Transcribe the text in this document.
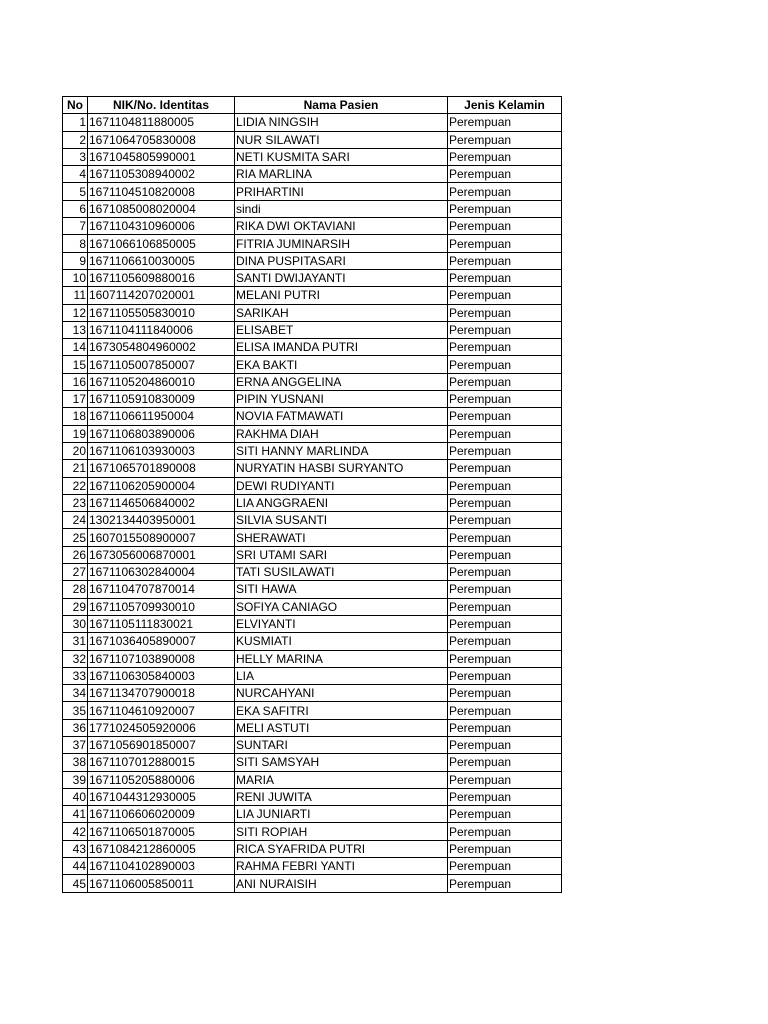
No	NIK/No. Identitas	Nama Pasien	Jenis Kelamin
1	1671104811880005	LIDIA NINGSIH	Perempuan
2	1671064705830008	NUR SILAWATI	Perempuan
3	1671045805990001	NETI KUSMITA SARI	Perempuan
4	1671105308940002	RIA MARLINA	Perempuan
5	1671104510820008	PRIHARTINI	Perempuan
6	1671085008020004	sindi	Perempuan
7	1671104310960006	RIKA DWI OKTAVIANI	Perempuan
8	1671066106850005	FITRIA JUMINARSIH	Perempuan
9	1671106610030005	DINA PUSPITASARI	Perempuan
10	1671105609880016	SANTI DWIJAYANTI	Perempuan
11	1607114207020001	MELANI PUTRI	Perempuan
12	1671105505830010	SARIKAH	Perempuan
13	1671104111840006	ELISABET	Perempuan
14	1673054804960002	ELISA IMANDA PUTRI	Perempuan
15	1671105007850007	EKA BAKTI	Perempuan
16	1671105204860010	ERNA ANGGELINA	Perempuan
17	1671105910830009	PIPIN YUSNANI	Perempuan
18	1671106611950004	NOVIA FATMAWATI	Perempuan
19	1671106803890006	RAKHMA DIAH	Perempuan
20	1671106103930003	SITI HANNY MARLINDA	Perempuan
21	1671065701890008	NURYATIN HASBI SURYANTO	Perempuan
22	1671106205900004	DEWI RUDIYANTI	Perempuan
23	1671146506840002	LIA ANGGRAENI	Perempuan
24	1302134403950001	SILVIA SUSANTI	Perempuan
25	1607015508900007	SHERAWATI	Perempuan
26	1673056006870001	SRI UTAMI SARI	Perempuan
27	1671106302840004	TATI SUSILAWATI	Perempuan
28	1671104707870014	SITI HAWA	Perempuan
29	1671105709930010	SOFIYA CANIAGO	Perempuan
30	1671105111830021	ELVIYANTI	Perempuan
31	1671036405890007	KUSMIATI	Perempuan
32	1671107103890008	HELLY MARINA	Perempuan
33	1671106305840003	LIA	Perempuan
34	1671134707900018	NURCAHYANI	Perempuan
35	1671104610920007	EKA SAFITRI	Perempuan
36	1771024505920006	MELI ASTUTI	Perempuan
37	1671056901850007	SUNTARI	Perempuan
38	1671107012880015	SITI SAMSYAH	Perempuan
39	1671105205880006	MARIA	Perempuan
40	1671044312930005	RENI JUWITA	Perempuan
41	1671106606020009	LIA JUNIARTI	Perempuan
42	1671106501870005	SITI ROPIAH	Perempuan
43	1671084212860005	RICA SYAFRIDA PUTRI	Perempuan
44	1671104102890003	RAHMA FEBRI YANTI	Perempuan
45	1671106005850011	ANI NURAISIH	Perempuan
